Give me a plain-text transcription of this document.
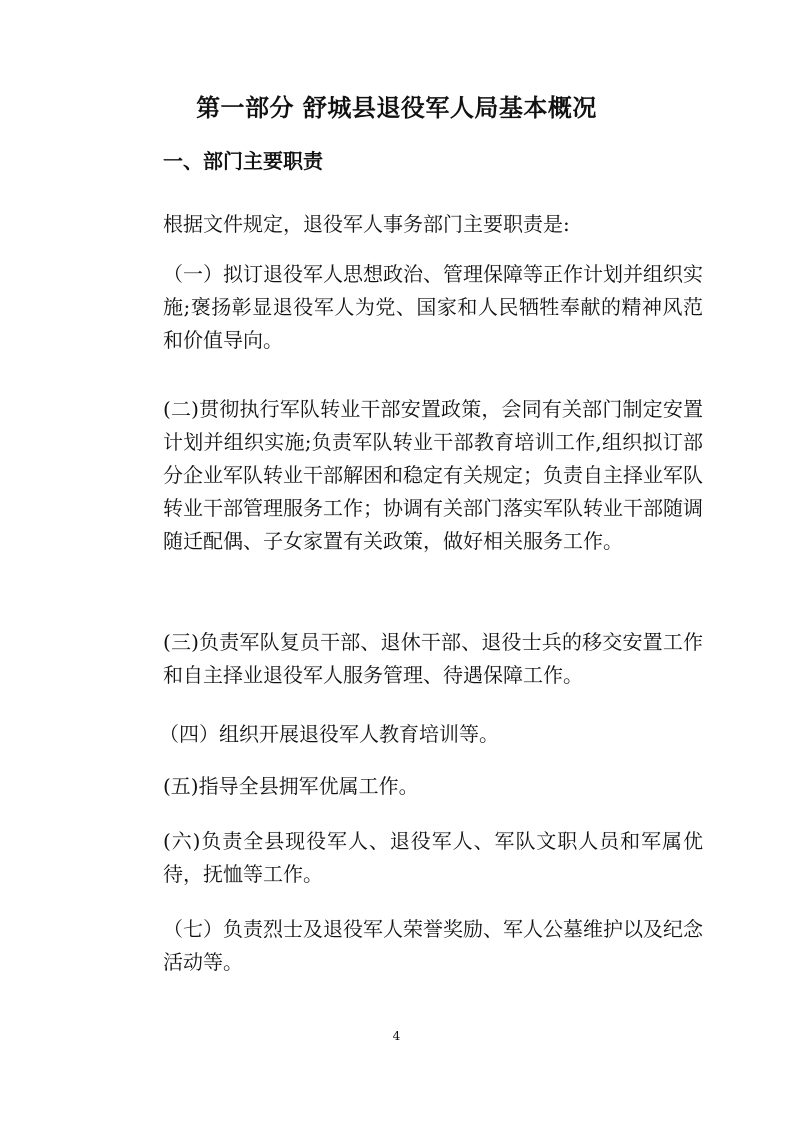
第一部分 舒城县退役军人局基本概况
一、部门主要职责
根据文件规定，退役军人事务部门主要职责是:
（一）拟订退役军人思想政治、管理保障等正作计划并组织实施;褒扬彰显退役军人为党、国家和人民牺牲奉献的精神风范和价值导向。
(二)贯彻执行军队转业干部安置政策，会同有关部门制定安置计划并组织实施;负责军队转业干部教育培训工作,组织拟订部分企业军队转业干部解困和稳定有关规定；负责自主择业军队转业干部管理服务工作；协调有关部门落实军队转业干部随调随迁配偶、子女家置有关政策，做好相关服务工作。
(三)负责军队复员干部、退休干部、退役士兵的移交安置工作和自主择业退役军人服务管理、待遇保障工作。
（四）组织开展退役军人教育培训等。
(五)指导全县拥军优属工作。
(六)负责全县现役军人、退役军人、军队文职人员和军属优待，抚恤等工作。
（七）负责烈士及退役军人荣誉奖励、军人公墓维护以及纪念活动等。
4
